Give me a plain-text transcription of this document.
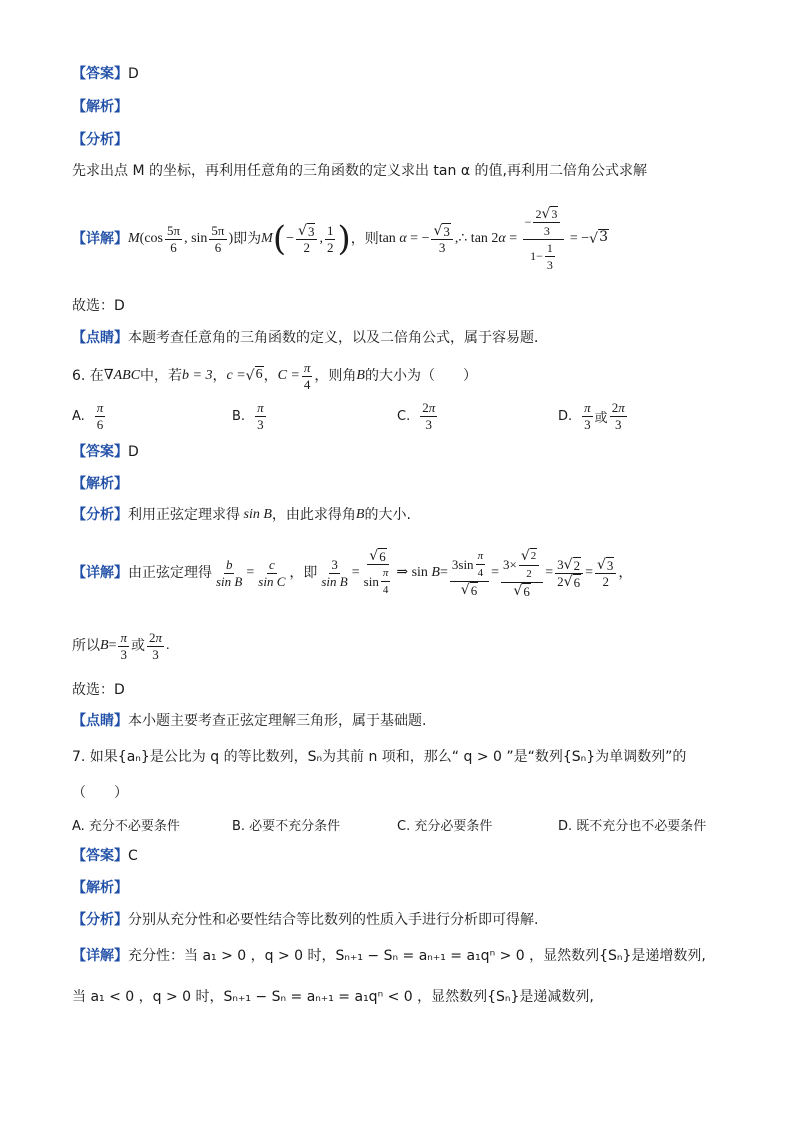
【答案】 D
【解析】
【分析】
先求出点 M 的坐标，再利用任意角的三角函数的定义求出 tan α 的值,再利用二倍角公式求解
【详解】 M ($\cos \frac{5\pi}{6}$ , $\sin \frac{5\pi}{6}$ ) 即为 M ( − $\frac{√ 3}{2}$ , $\frac{1}{2}$ ) ，则 tan α = − $\frac{√ 3}{3}$ ,∴ tan 2 $\alpha = \frac{- \frac{2 √ 3}{3}}{1- \frac{1}{3}}$ = − √ 3
故选：D
【点睛】 本题考查任意角的三角函数的定义，以及二倍角公式，属于容易题．
6. 在 ∇ ABC 中，若 b = 3 ， c = √ 6 ， $C = \frac{\pi}{4}$ ，则角 B 的大小为（　　）
A. $\frac{\pi}{6}$	B. $\frac{\pi}{3}$	C. $\frac{2\pi}{3}$	D. $\frac{\pi}{3}$ 或 $\frac{2\pi}{3}$
【答案】 D
【解析】
【分析】 利用正弦定理求得
sin B ，由此求得角 B 的大小.
【详解】 由正弦定理得 $\frac{b}{\text{sin B}} = \frac{c}{\text{sin C}}$ ，即 $\frac{3}{\text{sin B}} = \frac{√ 6}{\sin \frac{\pi}{4}}$ ⇒ $\sin B = \frac{3\sin \frac{\pi}{4}}{√ 6} = \frac{3\times \frac{√ 2}{2}}{√ 6} = \frac{3 √ 2}{2 √ 6} = \frac{√ 3}{2}$ ，
所以 $B = \frac{\pi}{3}$ 或 $\frac{2\pi}{3}$ .
故选：D
【点睛】 本小题主要考查正弦定理解三角形，属于基础题.
7. 如果{aₙ}是公比为 q 的等比数列，Sₙ为其前 n 项和，那么“ q > 0 ”是“数列{Sₙ}为单调数列”的
（　　）
A. 充分不必要条件	B. 必要不充分条件	C. 充分必要条件	D. 既不充分也不必要条件
【答案】 C
【解析】
【分析】 分别从充分性和必要性结合等比数列的性质入手进行分析即可得解.
【详解】 充分性：当 a₁ > 0 ，q > 0 时，Sₙ₊₁ − Sₙ = aₙ₊₁ = a₁qⁿ > 0 ，显然数列{Sₙ}是递增数列,
当 a₁ < 0 ，q > 0 时，Sₙ₊₁ − Sₙ = aₙ₊₁ = a₁qⁿ < 0 ，显然数列{Sₙ}是递减数列,
